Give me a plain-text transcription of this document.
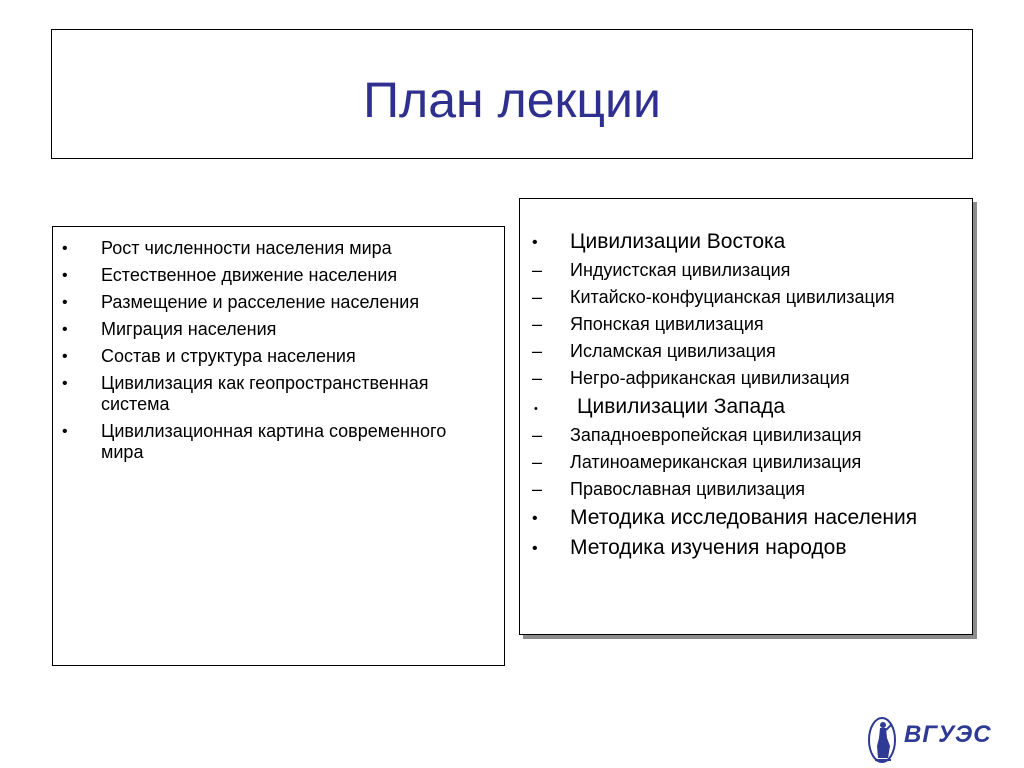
План лекции
• Рост численности населения мира
• Естественное движение населения
• Размещение и расселение населения
• Миграция населения
• Состав и структура населения
• Цивилизация как геопространственная система
• Цивилизационная картина современного мира
• Цивилизации Востока
– Индуистская цивилизация
– Китайско-конфуцианская цивилизация
– Японская цивилизация
– Исламская цивилизация
– Негро-африканская цивилизация
• Цивилизации Запада
– Западноевропейская цивилизация
– Латиноамериканская цивилизация
– Православная цивилизация
• Методика исследования населения
• Методика изучения народов
ВГУЭС
